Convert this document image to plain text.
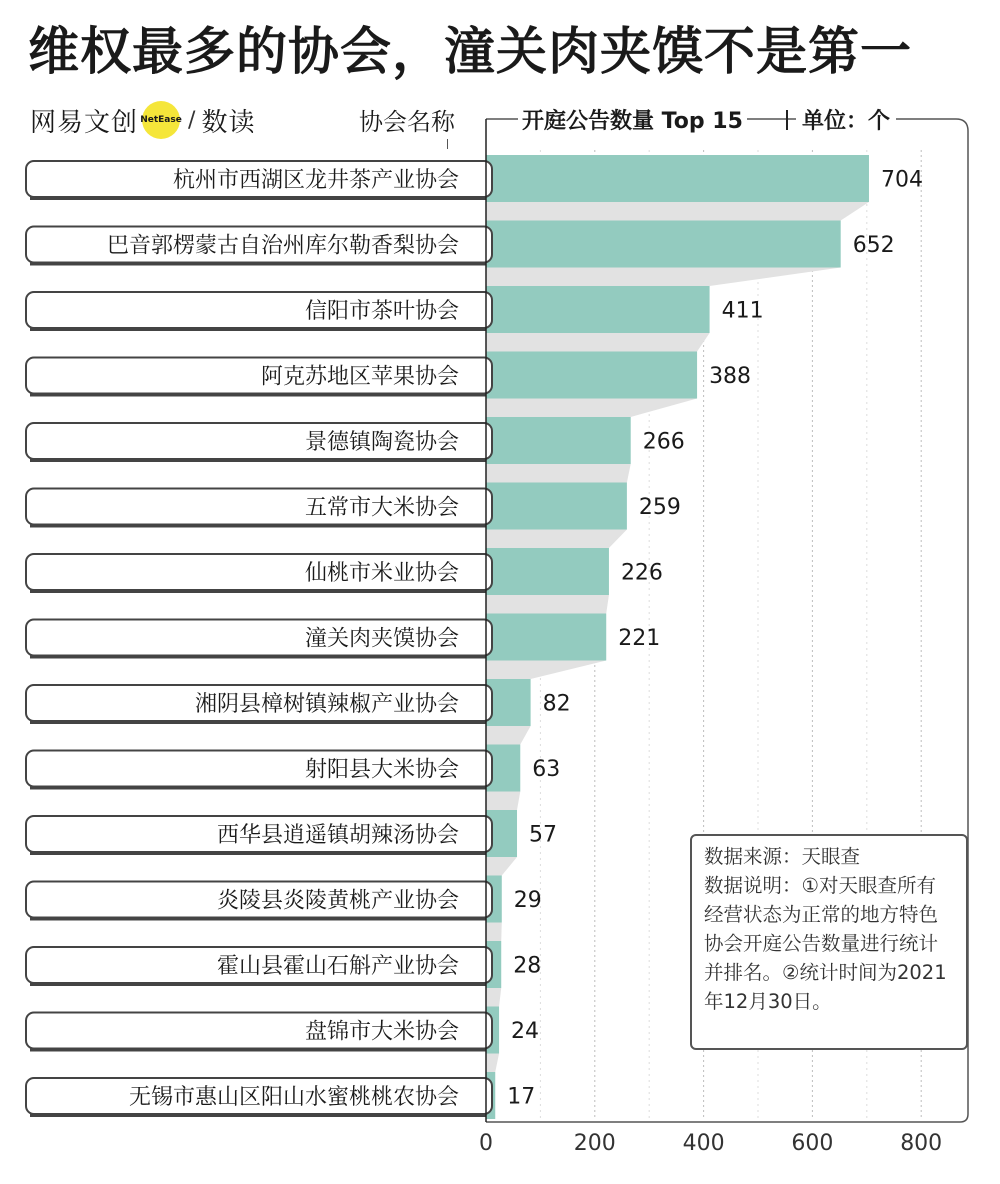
维权最多的协会，潼关肉夹馍不是第一
网易文创 NetEase / 数读	协会名称
704
杭州市西湖区龙井茶产业协会
652
巴音郭楞蒙古自治州库尔勒香梨协会
411
信阳市茶叶协会
388
阿克苏地区苹果协会
266
景德镇陶瓷协会
259
五常市大米协会
226
仙桃市米业协会
221
潼关肉夹馍协会
82
湘阴县樟树镇辣椒产业协会
63
射阳县大米协会
57
西华县逍遥镇胡辣汤协会
29
炎陵县炎陵黄桃产业协会
28
霍山县霍山石斛产业协会
24
盘锦市大米协会
17
无锡市惠山区阳山水蜜桃桃农协会
0	200	400	600	800
开庭公告数量 Top 15	单位：个

数据来源：天眼查

数据说明：①对天眼查所有经营状态为正常的地方特色协会开庭公告数量进行统计并排名。②统计时间为2021年12月30日。
